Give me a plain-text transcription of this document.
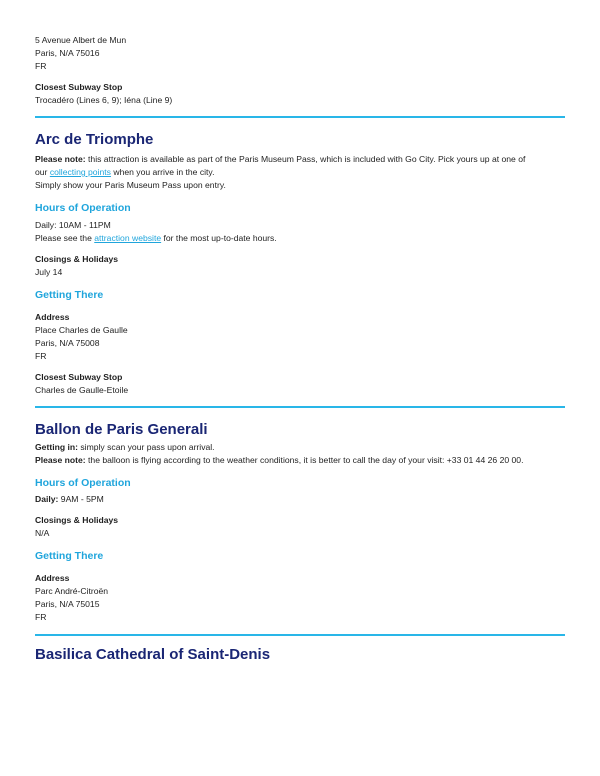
5 Avenue Albert de Mun

Paris, N/A 75016

FR

Closest Subway Stop

Trocadéro (Lines 6, 9); Iéna (Line 9)

Arc de Triomphe

Please note: this attraction is available as part of the Paris Museum Pass, which is included with Go City. Pick yours up at one of

our collecting points when you arrive in the city.

Simply show your Paris Museum Pass upon entry.

Hours of Operation

Daily: 10AM - 11PM

Please see the attraction website for the most up-to-date hours.

Closings & Holidays

July 14

Getting There

Address

Place Charles de Gaulle

Paris, N/A 75008

FR

Closest Subway Stop

Charles de Gaulle-Etoile

Ballon de Paris Generali

Getting in: simply scan your pass upon arrival.

Please note: the balloon is flying according to the weather conditions, it is better to call the day of your visit: +33 01 44 26 20 00.

Hours of Operation

Daily: 9AM - 5PM

Closings & Holidays

N/A

Getting There

Address

Parc André-Citroën

Paris, N/A 75015

FR

Basilica Cathedral of Saint-Denis
